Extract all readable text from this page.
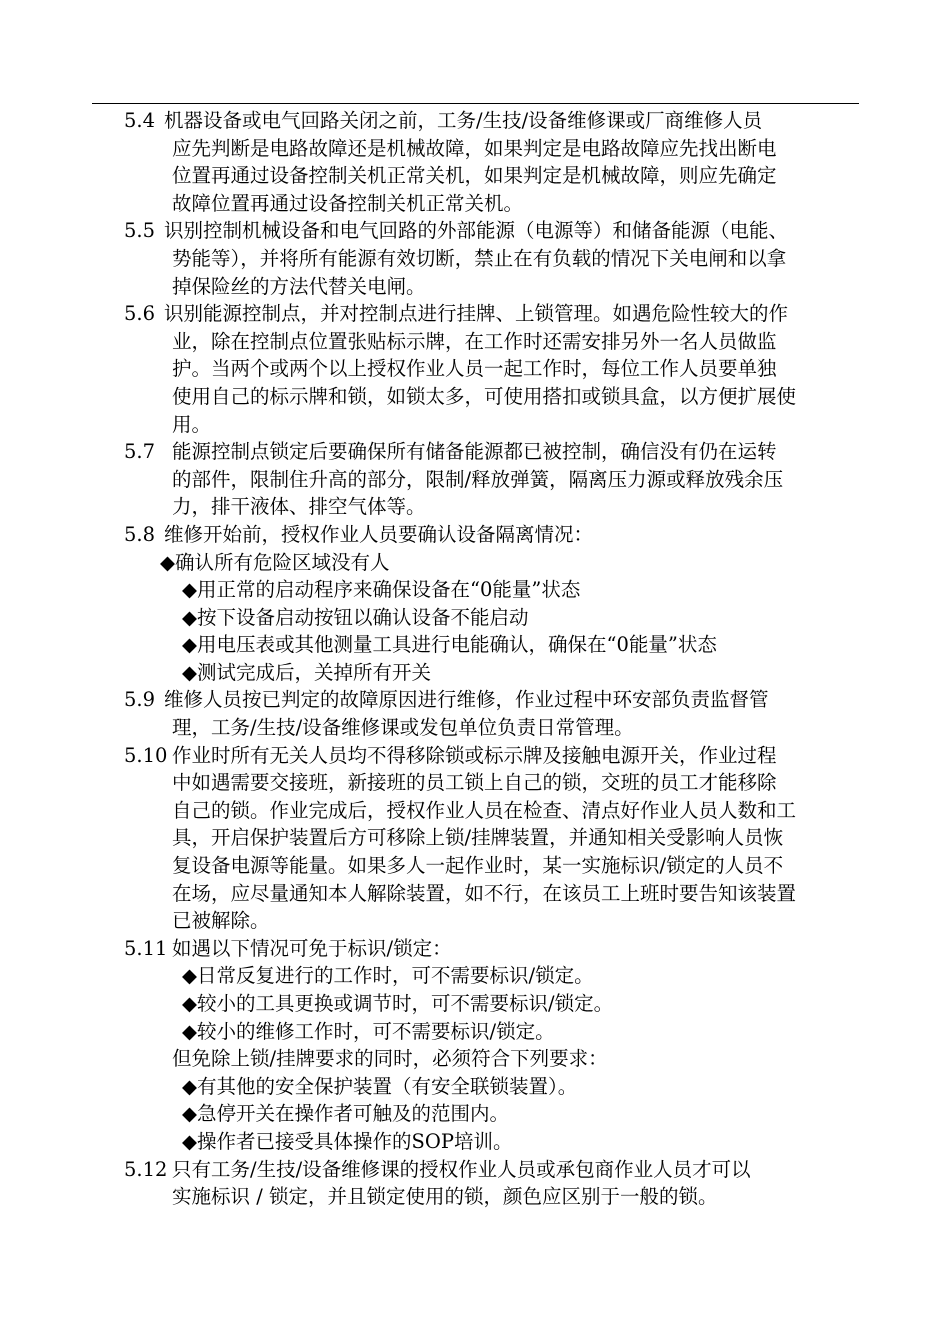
5.4 机器设备或电气回路关闭之前，工务/生技/设备维修课或厂商维修人员
应先判断是电路故障还是机械故障，如果判定是电路故障应先找出断电
位置再通过设备控制关机正常关机，如果判定是机械故障，则应先确定
故障位置再通过设备控制关机正常关机。
5.5 识别控制机械设备和电气回路的外部能源（电源等）和储备能源（电能、
势能等），并将所有能源有效切断，禁止在有负载的情况下关电闸和以拿
掉保险丝的方法代替关电闸。
5.6 识别能源控制点，并对控制点进行挂牌、上锁管理。如遇危险性较大的作
业，除在控制点位置张贴标示牌，在工作时还需安排另外一名人员做监
护。当两个或两个以上授权作业人员一起工作时，每位工作人员要单独
使用自己的标示牌和锁，如锁太多，可使用搭扣或锁具盒，以方便扩展使
用。
5.7 能源控制点锁定后要确保所有储备能源都已被控制，确信没有仍在运转
的部件，限制住升高的部分，限制/释放弹簧，隔离压力源或释放残余压
力，排干液体、排空气体等。
5.8 维修开始前，授权作业人员要确认设备隔离情况：
◆确认所有危险区域没有人
◆用正常的启动程序来确保设备在“0能量”状态
◆按下设备启动按钮以确认设备不能启动
◆用电压表或其他测量工具进行电能确认，确保在“0能量”状态
◆测试完成后，关掉所有开关
5.9 维修人员按已判定的故障原因进行维修，作业过程中环安部负责监督管
理，工务/生技/设备维修课或发包单位负责日常管理。
5.10 作业时所有无关人员均不得移除锁或标示牌及接触电源开关，作业过程
中如遇需要交接班，新接班的员工锁上自己的锁，交班的员工才能移除
自己的锁。作业完成后，授权作业人员在检查、清点好作业人员人数和工
具，开启保护装置后方可移除上锁/挂牌装置，并通知相关受影响人员恢
复设备电源等能量。如果多人一起作业时，某一实施标识/锁定的人员不
在场，应尽量通知本人解除装置，如不行，在该员工上班时要告知该装置
已被解除。
5.11 如遇以下情况可免于标识/锁定：
◆日常反复进行的工作时，可不需要标识/锁定。
◆较小的工具更换或调节时，可不需要标识/锁定。
◆较小的维修工作时，可不需要标识/锁定。
但免除上锁/挂牌要求的同时，必须符合下列要求：
◆有其他的安全保护装置（有安全联锁装置）。
◆急停开关在操作者可触及的范围内。
◆操作者已接受具体操作的SOP培训。
5.12 只有工务/生技/设备维修课的授权作业人员或承包商作业人员才可以
实施标识 / 锁定，并且锁定使用的锁，颜色应区别于一般的锁。
